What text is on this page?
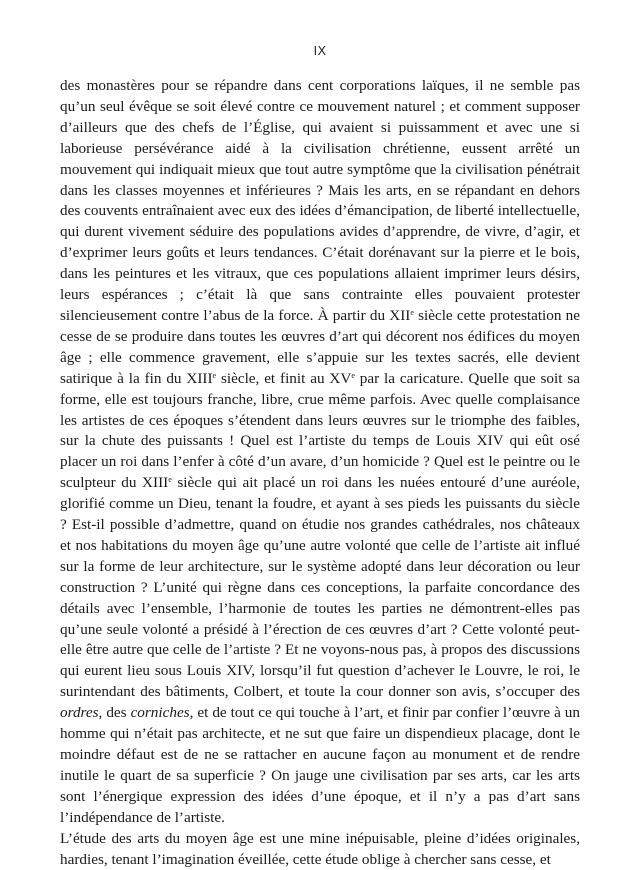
IX

des monastères pour se répandre dans cent corporations laïques, il ne semble pas qu’un seul évêque se soit élevé contre ce mouvement naturel ; et comment supposer d’ailleurs que des chefs de l’Église, qui avaient si puissamment et avec une si laborieuse persévérance aidé à la civilisation chrétienne, eussent arrêté un mouvement qui indiquait mieux que tout autre symptôme que la civilisation pénétrait dans les classes moyennes et inférieures ? Mais les arts, en se répandant en dehors des couvents entraînaient avec eux des idées d’émancipation, de liberté intellectuelle, qui durent vivement séduire des populations avides d’apprendre, de vivre, d’agir, et d’exprimer leurs goûts et leurs tendances. C’était dorénavant sur la pierre et le bois, dans les peintures et les vitraux, que ces populations allaient imprimer leurs désirs, leurs espérances ; c’était là que sans contrainte elles pouvaient protester silencieusement contre l’abus de la force. À partir du XIIe siècle cette protestation ne cesse de se produire dans toutes les œuvres d’art qui décorent nos édifices du moyen âge ; elle commence gravement, elle s’appuie sur les textes sacrés, elle devient satirique à la fin du XIIIe siècle, et finit au XVe par la caricature. Quelle que soit sa forme, elle est toujours franche, libre, crue même parfois. Avec quelle complaisance les artistes de ces époques s’étendent dans leurs œuvres sur le triomphe des faibles, sur la chute des puissants ! Quel est l’artiste du temps de Louis XIV qui eût osé placer un roi dans l’enfer à côté d’un avare, d’un homicide ? Quel est le peintre ou le sculpteur du XIIIe siècle qui ait placé un roi dans les nuées entouré d’une auréole, glorifié comme un Dieu, tenant la foudre, et ayant à ses pieds les puissants du siècle ? Est-il possible d’admettre, quand on étudie nos grandes cathédrales, nos châteaux et nos habitations du moyen âge qu’une autre volonté que celle de l’artiste ait influé sur la forme de leur architecture, sur le système adopté dans leur décoration ou leur construction ? L’unité qui règne dans ces conceptions, la parfaite concordance des détails avec l’ensemble, l’harmonie de toutes les parties ne démontrent-elles pas qu’une seule volonté a présidé à l’érection de ces œuvres d’art ? Cette volonté peut-elle être autre que celle de l’artiste ? Et ne voyons-nous pas, à propos des discussions qui eurent lieu sous Louis XIV, lorsqu’il fut question d’achever le Louvre, le roi, le surintendant des bâtiments, Colbert, et toute la cour donner son avis, s’occuper des ordres, des corniches, et de tout ce qui touche à l’art, et finir par confier l’œuvre à un homme qui n’était pas architecte, et ne sut que faire un dispendieux placage, dont le moindre défaut est de ne se rattacher en aucune façon au monument et de rendre inutile le quart de sa superficie ? On jauge une civilisation par ses arts, car les arts sont l’énergique expression des idées d’une époque, et il n’y a pas d’art sans l’indépendance de l’artiste.

L’étude des arts du moyen âge est une mine inépuisable, pleine d’idées originales, hardies, tenant l’imagination éveillée, cette étude oblige à chercher sans cesse, et
